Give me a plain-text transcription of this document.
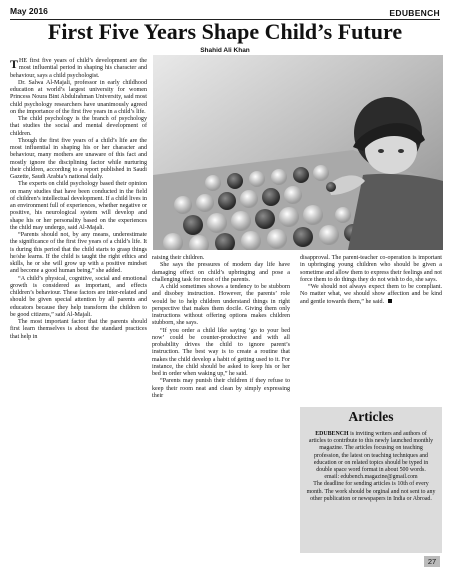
May 2016	EDUBENCH
First Five Years Shape Child’s Future
Shahid Ali Khan

THE first five years of child’s development are the most influential period in shaping his character and behaviour, says a child psychologist.

Dr. Salwa Al-Majali, professor in early childhood education at world’s largest university for women Princess Noura Bint Abdulrahman University, said most child psychology researchers have unanimously agreed on the importance of the first five years in a child’s life.

The child psychology is the branch of psychology that studies the social and mental development of children.

Though the first five years of a child’s life are the most influential in shaping his or her character and behaviour, many mothers are unaware of this fact and mostly ignore the disciplining factor while nurturing their children, according to a report published in Saudi Gazette, Saudi Arabia’s national daily.

The experts on child psychology based their opinion on many studies that have been conducted in the field of children’s intellectual development. If a child lives in an environment full of experiences, whether negative or positive, his neurological system will develop and shape his or her personality based on the experiences the child may undergo, said Al-Majali.

“Parents should not, by any means, underestimate the significance of the first five years of a child’s life. It is during this period that the child starts to grasp things he/she learns. If the child is taught the right ethics and skills, he or she will grow up with a positive mindset and become a good human being,” she added.

“A child’s physical, cognitive, social and emotional growth is considered as important, and effects children’s behaviour. These factors are inter-related and should be given special attention by all parents and educators because they help transform the children to be good citizens,” said Al-Majali.

The most important factor that the parents should first learn themselves is about the standard practices that help in

raising their children.

She says the pressures of modern day life have damaging effect on child’s upbringing and pose a challenging task for most of the parents.

A child sometimes shows a tendency to be stubborn and disobey instruction. However, the parents’ role would be to help children understand things in right perspective that makes them docile. Giving them only instructions without offering options makes children stubborn, she says.

“If you order a child like saying ‘go to your bed now’ could be counter-productive and with all probability drives the child to ignore parent’s instruction. The best way is to create a routine that makes the child develop a habit of getting used to it. For instance, the child should be asked to keep his or her bed in order when waking up,” he said.

“Parents may punish their children if they refuse to keep their room neat and clean by simply expressing their

disapproval. The parent-teacher co-operation is important in upbringing young children who should be given a sometime and allow them to express their feelings and not force them to do things they do not wish to do, she says.

“We should not always expect them to be compliant. No matter what, we should show affection and be kind and gentle towards them,” he said.

Articles
EDUBENCH is inviting writers and authors of articles to contribute to this newly launched monthly magazine. The articles focusing on teaching profession, the latest on teaching techniques and education or on related topics should be typed in double space word format in about 500 words.
email: edubench.magazine@gmail.com
The deadline for sending articles is 10th of every month. The work should be orginal and not sent to any other publication or newspapers in India or Abroad.
27
